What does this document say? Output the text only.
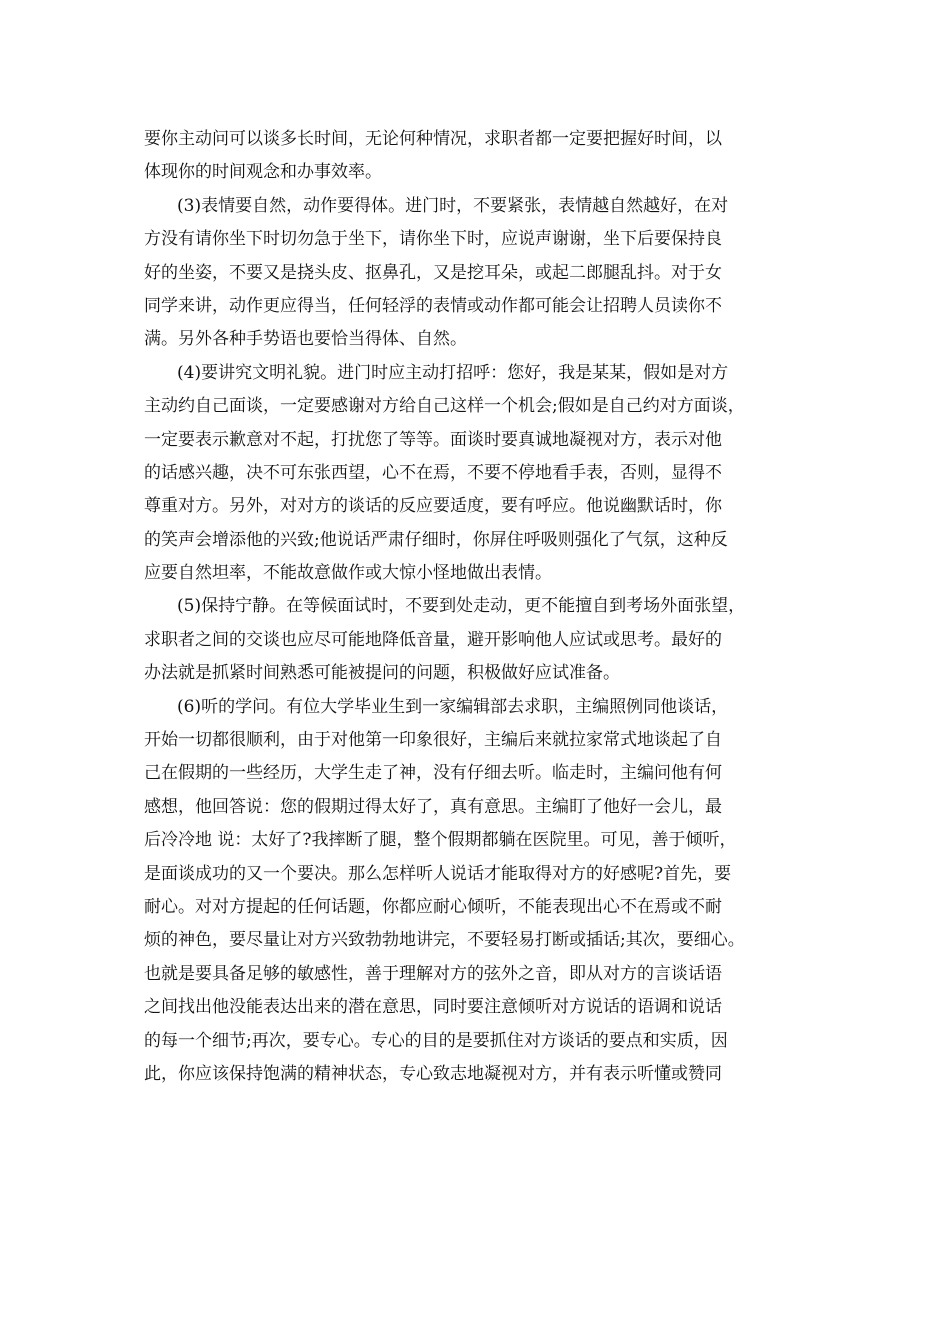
要你主动问可以谈多长时间，无论何种情况，求职者都一定要把握好时间，以

体现你的时间观念和办事效率。

(3)表情要自然，动作要得体。进门时，不要紧张，表情越自然越好，在对

方没有请你坐下时切勿急于坐下，请你坐下时，应说声谢谢，坐下后要保持良

好的坐姿，不要又是挠头皮、抠鼻孔，又是挖耳朵，或起二郎腿乱抖。对于女

同学来讲，动作更应得当，任何轻浮的表情或动作都可能会让招聘人员读你不

满。另外各种手势语也要恰当得体、自然。

(4)要讲究文明礼貌。进门时应主动打招呼：您好，我是某某，假如是对方

主动约自己面谈，一定要感谢对方给自己这样一个机会;假如是自己约对方面谈，

一定要表示歉意对不起，打扰您了等等。面谈时要真诚地凝视对方，表示对他

的话感兴趣，决不可东张西望，心不在焉，不要不停地看手表，否则，显得不

尊重对方。另外，对对方的谈话的反应要适度，要有呼应。他说幽默话时，你

的笑声会增添他的兴致;他说话严肃仔细时，你屏住呼吸则强化了气氛，这种反

应要自然坦率，不能故意做作或大惊小怪地做出表情。

(5)保持宁静。在等候面试时，不要到处走动，更不能擅自到考场外面张望，

求职者之间的交谈也应尽可能地降低音量，避开影响他人应试或思考。最好的

办法就是抓紧时间熟悉可能被提问的问题，积极做好应试准备。

(6)听的学问。有位大学毕业生到一家编辑部去求职，主编照例同他谈话，

开始一切都很顺利，由于对他第一印象很好，主编后来就拉家常式地谈起了自

己在假期的一些经历，大学生走了神，没有仔细去听。临走时，主编问他有何

感想，他回答说：您的假期过得太好了，真有意思。主编盯了他好一会儿，最

后冷冷地 说：太好了?我摔断了腿，整个假期都躺在医院里。可见，善于倾听，

是面谈成功的又一个要决。那么怎样听人说话才能取得对方的好感呢?首先，要

耐心。对对方提起的任何话题，你都应耐心倾听，不能表现出心不在焉或不耐

烦的神色，要尽量让对方兴致勃勃地讲完，不要轻易打断或插话;其次，要细心。

也就是要具备足够的敏感性，善于理解对方的弦外之音，即从对方的言谈话语

之间找出他没能表达出来的潜在意思，同时要注意倾听对方说话的语调和说话

的每一个细节;再次，要专心。专心的目的是要抓住对方谈话的要点和实质，因

此，你应该保持饱满的精神状态，专心致志地凝视对方，并有表示听懂或赞同
